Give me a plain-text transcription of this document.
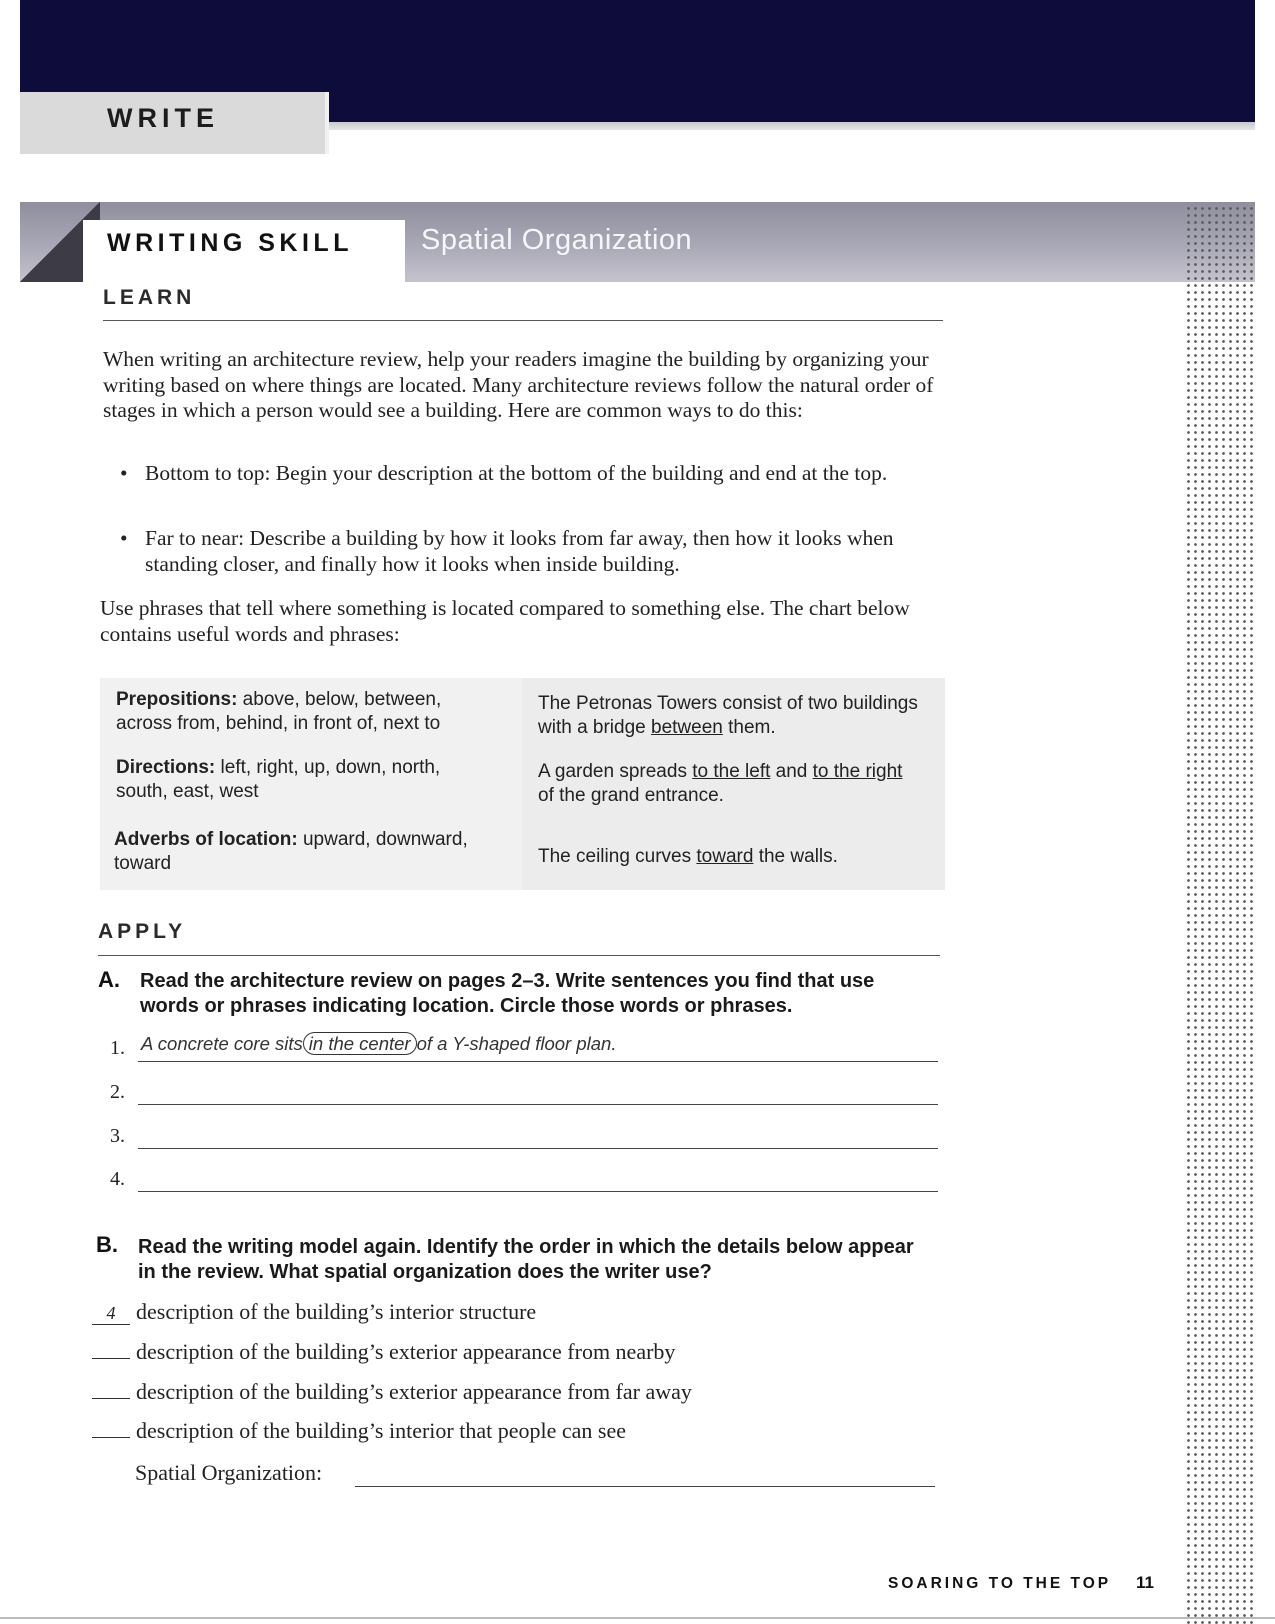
WRITE
WRITING SKILL Spatial Organization
LEARN

When writing an architecture review, help your readers imagine the building by organizing your writing based on where things are located. Many architecture reviews follow the natural order of stages in which a person would see a building. Here are common ways to do this:

• Bottom to top: Begin your description at the bottom of the building and end at the top.
• Far to near: Describe a building by how it looks from far away, then how it looks when standing closer, and finally how it looks when inside building.

Use phrases that tell where something is located compared to something else. The chart below contains useful words and phrases:

Prepositions: above, below, between, across from, behind, in front of, next to
The Petronas Towers consist of two buildings with a bridge between them.
Directions: left, right, up, down, north, south, east, west
A garden spreads to the left and to the right of the grand entrance.
Adverbs of location: upward, downward, toward	The ceiling curves toward the walls.
APPLY
A. Read the architecture review on pages 2–3. Write sentences you find that use words or phrases indicating location. Circle those words or phrases.
1. A concrete core sits in the center of a Y-shaped floor plan.
2.
3.
4.
B. Read the writing model again. Identify the order in which the details below appear in the review. What spatial organization does the writer use?
4 description of the building’s interior structure
description of the building’s exterior appearance from nearby
description of the building’s exterior appearance from far away
description of the building’s interior that people can see
Spatial Organization:
SOARING TO THE TOP 11
